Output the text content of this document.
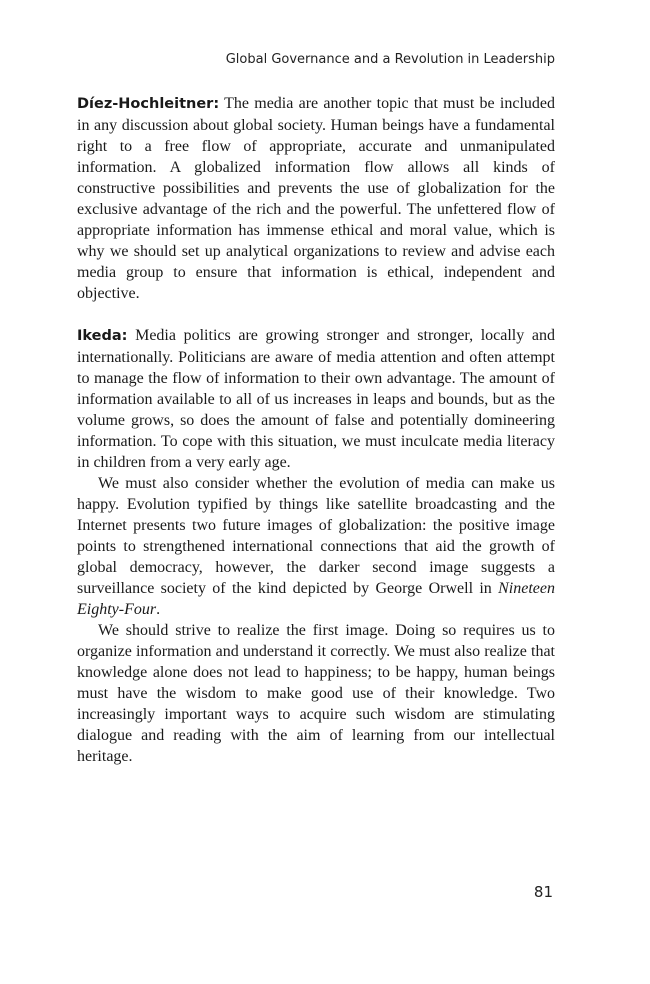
Global Governance and a Revolution in Leadership

Díez-Hochleitner: The media are another topic that must be included in any discussion about global society. Human beings have a fundamental right to a free flow of appropriate, accurate and unmanipulated information. A globalized information flow allows all kinds of constructive possibilities and prevents the use of globalization for the exclusive advantage of the rich and the powerful. The unfettered flow of appropriate information has immense ethical and moral value, which is why we should set up analytical organizations to review and advise each media group to ensure that information is ethical, independent and objective.

Ikeda: Media politics are growing stronger and stronger, locally and internationally. Politicians are aware of media attention and often attempt to manage the flow of information to their own advantage. The amount of information available to all of us increases in leaps and bounds, but as the volume grows, so does the amount of false and potentially domineering information. To cope with this situation, we must inculcate media literacy in children from a very early age.

We must also consider whether the evolution of media can make us happy. Evolution typified by things like satellite broadcasting and the Internet presents two future images of globalization: the positive image points to strengthened international connections that aid the growth of global democracy, however, the darker second image suggests a surveillance society of the kind depicted by George Orwell in Nineteen Eighty-Four.

We should strive to realize the first image. Doing so requires us to organize information and understand it correctly. We must also realize that knowledge alone does not lead to happiness; to be happy, human beings must have the wisdom to make good use of their knowledge. Two increasingly important ways to acquire such wisdom are stimulating dialogue and reading with the aim of learning from our intellectual heritage.

81
